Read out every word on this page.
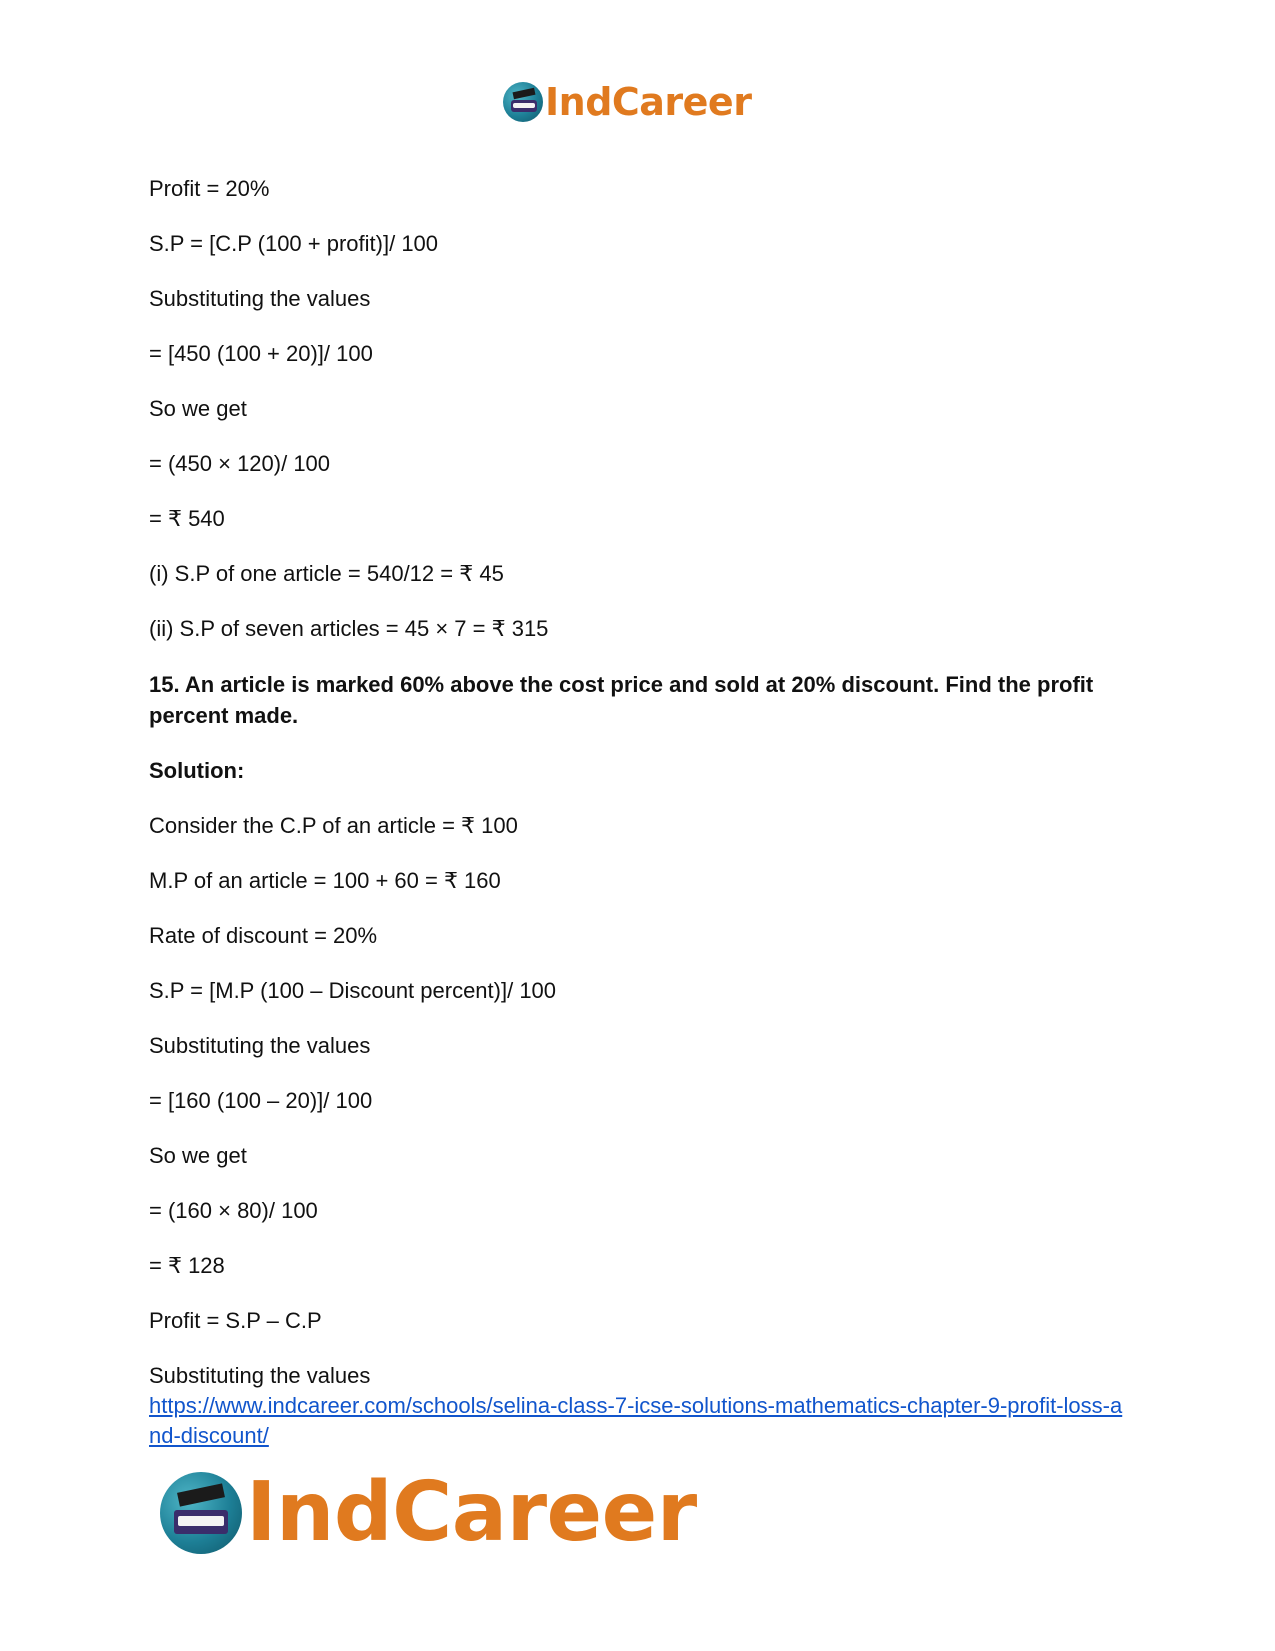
IndCareer

Profit = 20%

S.P = [C.P (100 + profit)]/ 100

Substituting the values

= [450 (100 + 20)]/ 100

So we get

= (450 × 120)/ 100

= ₹ 540

(i) S.P of one article = 540/12 = ₹ 45

(ii) S.P of seven articles = 45 × 7 = ₹ 315

15. An article is marked 60% above the cost price and sold at 20% discount. Find the profit percent made.

Solution:

Consider the C.P of an article = ₹ 100

M.P of an article = 100 + 60 = ₹ 160

Rate of discount = 20%

S.P = [M.P (100 – Discount percent)]/ 100

Substituting the values

= [160 (100 – 20)]/ 100

So we get

= (160 × 80)/ 100

= ₹ 128

Profit = S.P – C.P

Substituting the values

https://www.indcareer.com/schools/selina-class-7-icse-solutions-mathematics-chapter-9-profit-loss-and-discount/
IndCareer
